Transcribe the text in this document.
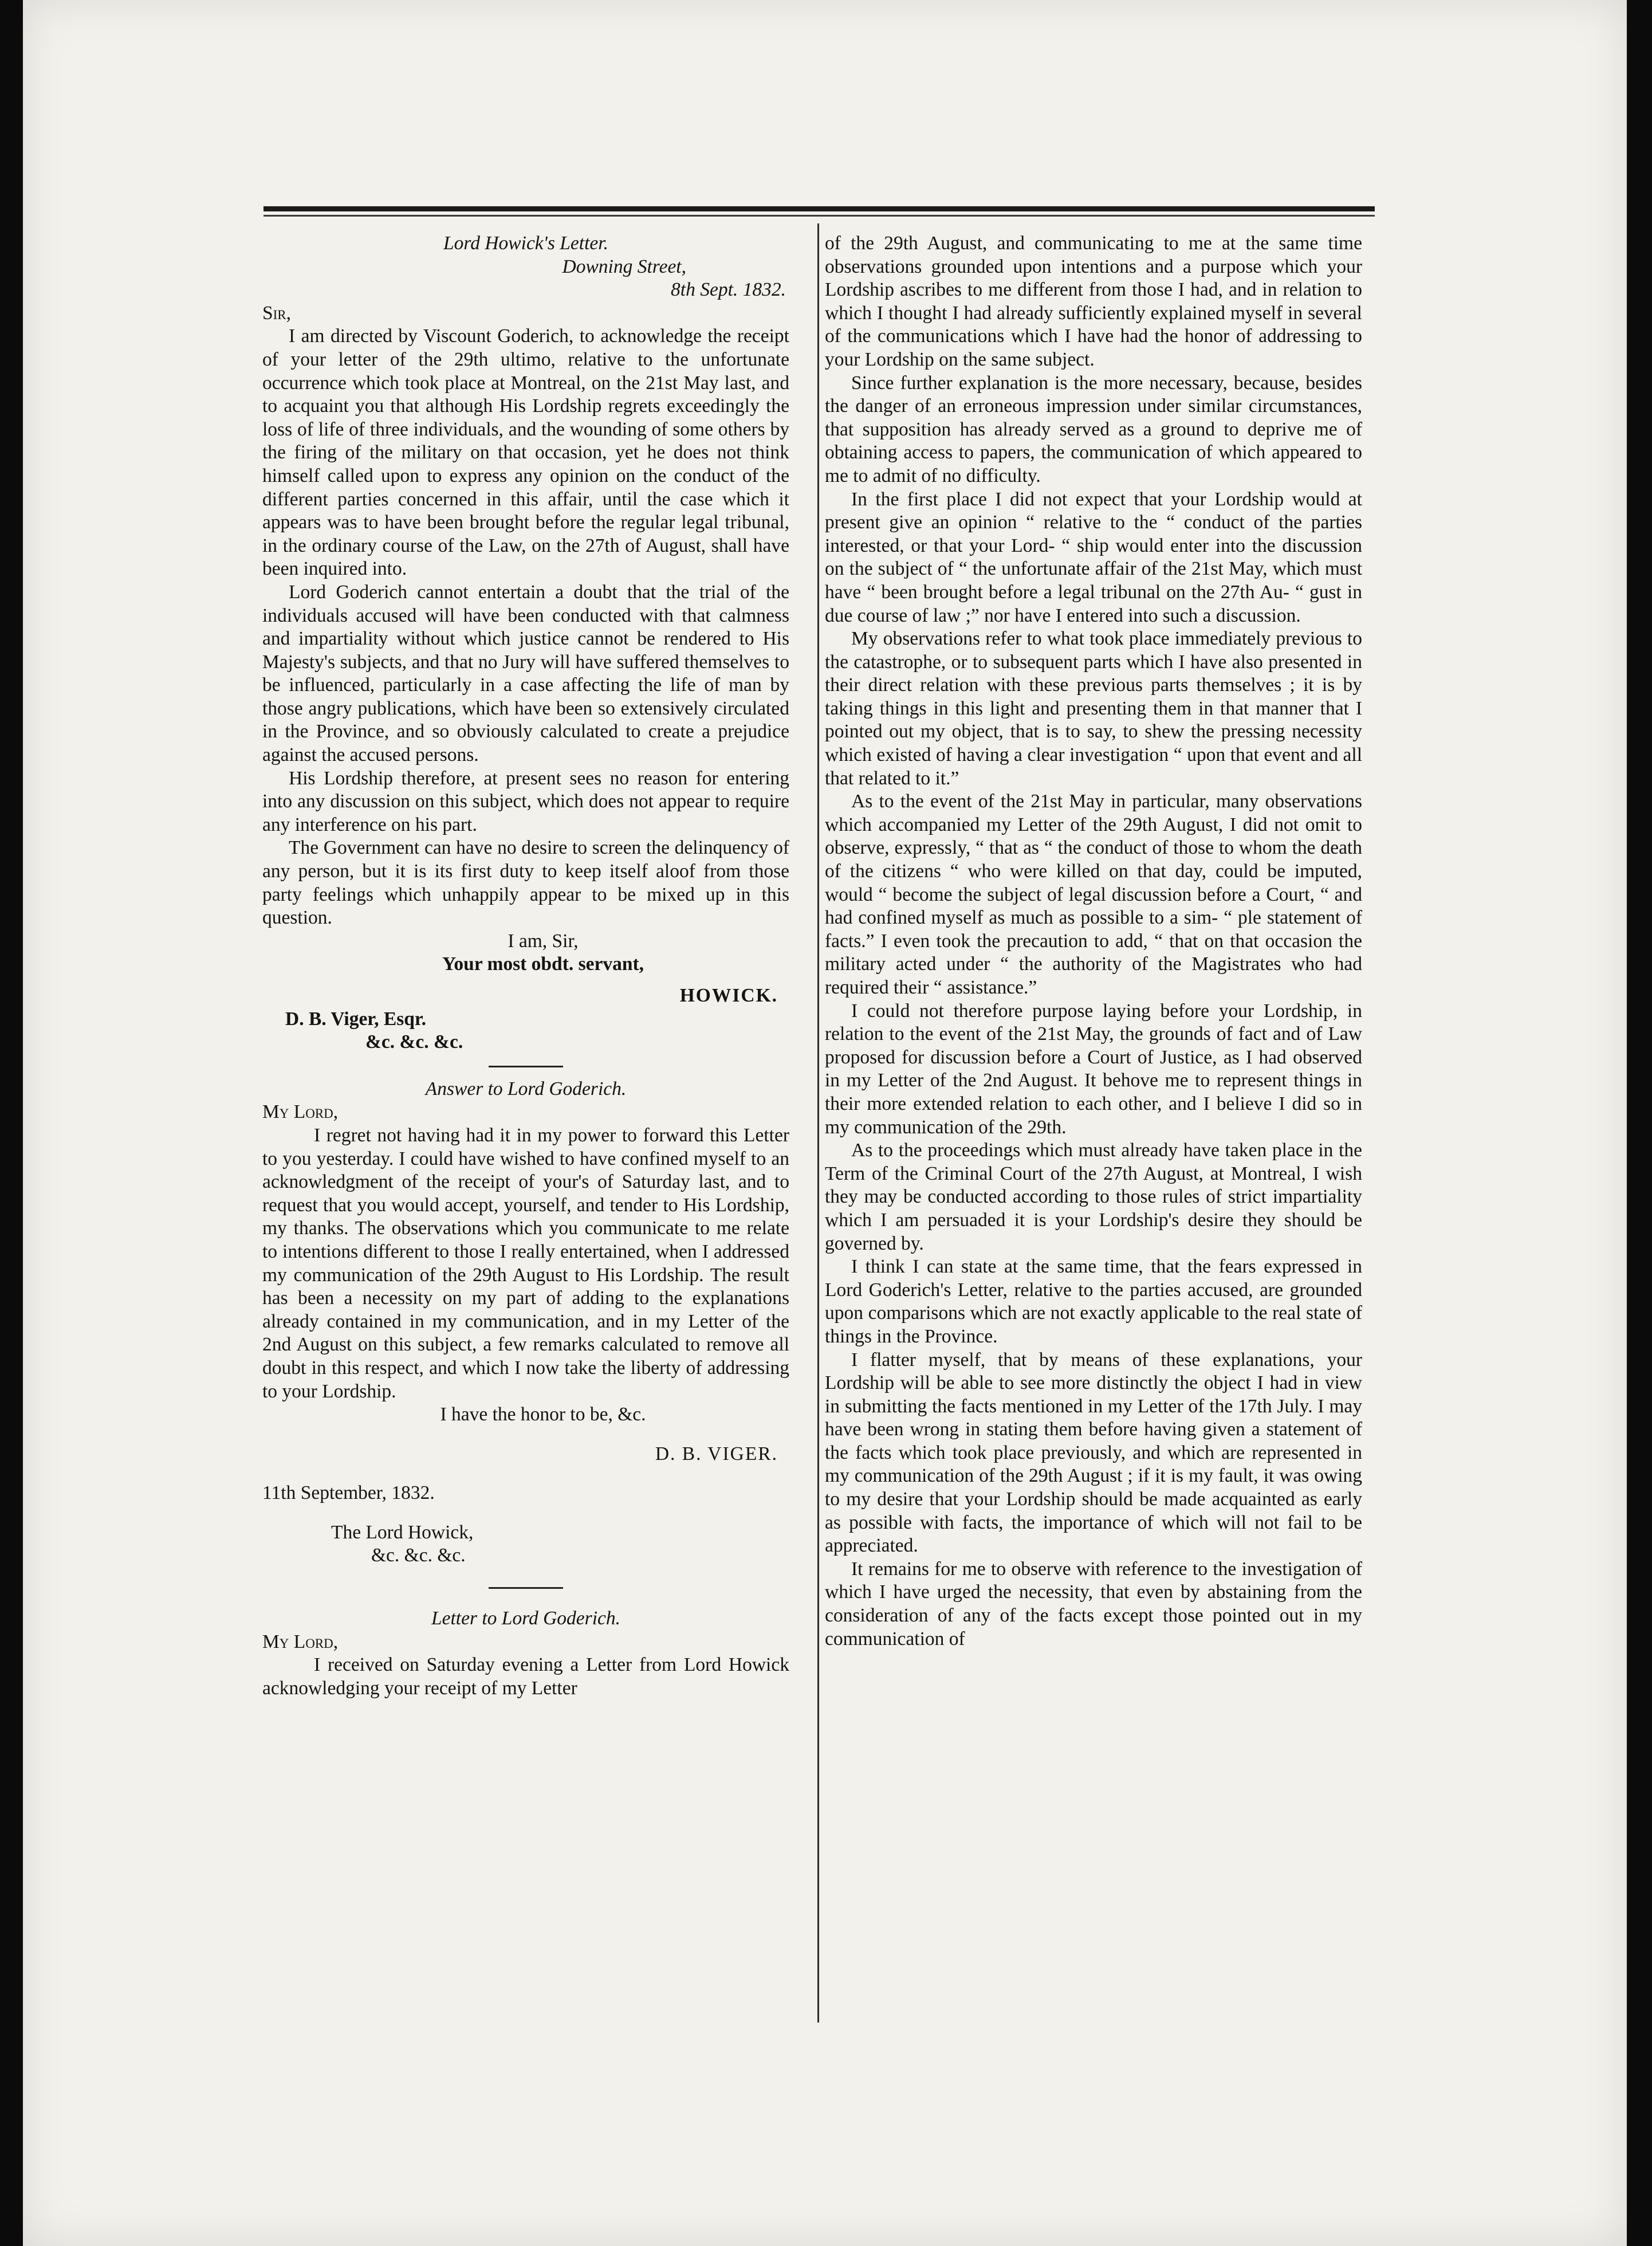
Lord Howick's Letter.

Downing Street,

8th Sept. 1832.

Sir,

I am directed by Viscount Goderich, to acknowledge the receipt of your letter of the 29th ultimo, relative to the unfortunate occurrence which took place at Montreal, on the 21st May last, and to acquaint you that although His Lordship regrets exceedingly the loss of life of three individuals, and the wounding of some others by the firing of the military on that occasion, yet he does not think himself called upon to express any opinion on the conduct of the different parties concerned in this affair, until the case which it appears was to have been brought before the regular legal tribunal, in the ordinary course of the Law, on the 27th of August, shall have been inquired into.

Lord Goderich cannot entertain a doubt that the trial of the individuals accused will have been conducted with that calmness and impartiality without which justice cannot be rendered to His Majesty's subjects, and that no Jury will have suffered themselves to be influenced, particularly in a case affecting the life of man by those angry publications, which have been so extensively circulated in the Province, and so obviously calculated to create a prejudice against the accused persons.

His Lordship therefore, at present sees no reason for entering into any discussion on this subject, which does not appear to require any interference on his part.

The Government can have no desire to screen the delinquency of any person, but it is its first duty to keep itself aloof from those party feelings which unhappily appear to be mixed up in this question.

I am, Sir,

Your most obdt. servant,

HOWICK.

D. B. Viger, Esqr.

&c. &c. &c.

Answer to Lord Goderich.

My Lord,

I regret not having had it in my power to forward this Letter to you yesterday. I could have wished to have confined myself to an acknowledgment of the receipt of your's of Saturday last, and to request that you would accept, yourself, and tender to His Lordship, my thanks. The observations which you communicate to me relate to intentions different to those I really entertained, when I addressed my communication of the 29th August to His Lordship. The result has been a necessity on my part of adding to the explanations already contained in my communication, and in my Letter of the 2nd August on this subject, a few remarks calculated to remove all doubt in this respect, and which I now take the liberty of addressing to your Lordship.

I have the honor to be, &c.

D. B. VIGER.

11th September, 1832.

The Lord Howick,

&c. &c. &c.

Letter to Lord Goderich.

My Lord,

I received on Saturday evening a Letter from Lord Howick acknowledging your receipt of my Letter

of the 29th August, and communicating to me at the same time observations grounded upon intentions and a purpose which your Lordship ascribes to me different from those I had, and in relation to which I thought I had already sufficiently explained myself in several of the communications which I have had the honor of addressing to your Lordship on the same subject.

Since further explanation is the more necessary, because, besides the danger of an erroneous impression under similar circumstances, that supposition has already served as a ground to deprive me of obtaining access to papers, the communication of which appeared to me to admit of no difficulty.

In the first place I did not expect that your Lordship would at present give an opinion “ relative to the “ conduct of the parties interested, or that your Lord- “ ship would enter into the discussion on the subject of “ the unfortunate affair of the 21st May, which must have “ been brought before a legal tribunal on the 27th Au- “ gust in due course of law ;” nor have I entered into such a discussion.

My observations refer to what took place immediately previous to the catastrophe, or to subsequent parts which I have also presented in their direct relation with these previous parts themselves ; it is by taking things in this light and presenting them in that manner that I pointed out my object, that is to say, to shew the pressing necessity which existed of having a clear investigation “ upon that event and all that related to it.”

As to the event of the 21st May in particular, many observations which accompanied my Letter of the 29th August, I did not omit to observe, expressly, “ that as “ the conduct of those to whom the death of the citizens “ who were killed on that day, could be imputed, would “ become the subject of legal discussion before a Court, “ and had confined myself as much as possible to a sim- “ ple statement of facts.” I even took the precaution to add, “ that on that occasion the military acted under “ the authority of the Magistrates who had required their “ assistance.”

I could not therefore purpose laying before your Lordship, in relation to the event of the 21st May, the grounds of fact and of Law proposed for discussion before a Court of Justice, as I had observed in my Letter of the 2nd August. It behove me to represent things in their more extended relation to each other, and I believe I did so in my communication of the 29th.

As to the proceedings which must already have taken place in the Term of the Criminal Court of the 27th August, at Montreal, I wish they may be conducted according to those rules of strict impartiality which I am persuaded it is your Lordship's desire they should be governed by.

I think I can state at the same time, that the fears expressed in Lord Goderich's Letter, relative to the parties accused, are grounded upon comparisons which are not exactly applicable to the real state of things in the Province.

I flatter myself, that by means of these explanations, your Lordship will be able to see more distinctly the object I had in view in submitting the facts mentioned in my Letter of the 17th July. I may have been wrong in stating them before having given a statement of the facts which took place previously, and which are represented in my communication of the 29th August ; if it is my fault, it was owing to my desire that your Lordship should be made acquainted as early as possible with facts, the importance of which will not fail to be appreciated.

It remains for me to observe with reference to the investigation of which I have urged the necessity, that even by abstaining from the consideration of any of the facts except those pointed out in my communication of
